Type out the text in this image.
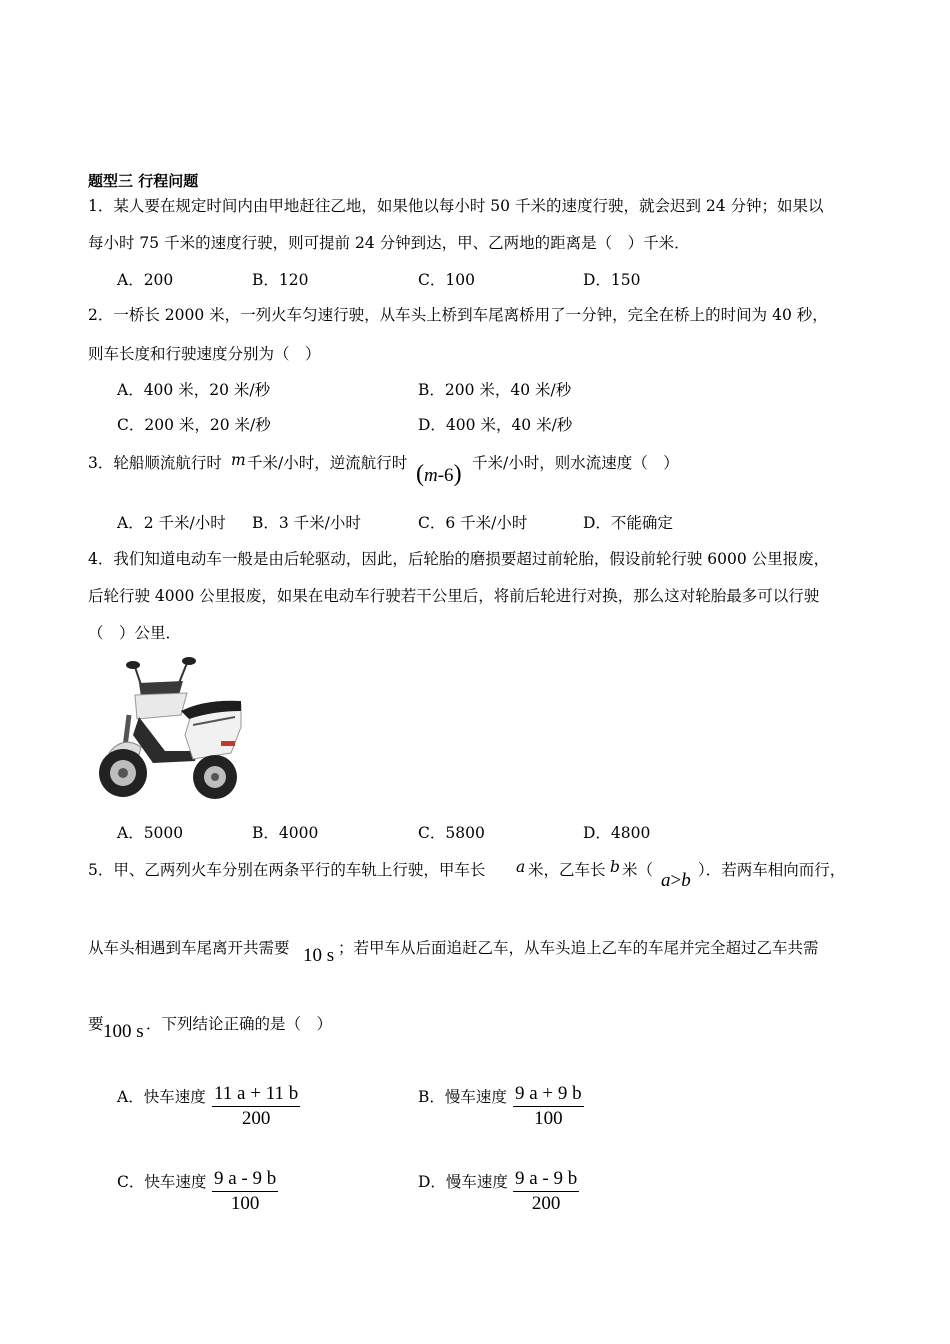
题型三 行程问题
1．某人要在规定时间内由甲地赶往乙地，如果他以每小时 50 千米的速度行驶，就会迟到 24 分钟；如果以
每小时 75 千米的速度行驶，则可提前 24 分钟到达，甲、乙两地的距离是（　）千米．
A．200	B．120	C．100	D．150
2．一桥长 2000 米，一列火车匀速行驶，从车头上桥到车尾离桥用了一分钟，完全在桥上的时间为 40 秒，
则车长度和行驶速度分别为（　）
A．400 米，20 米/秒	B．200 米，40 米/秒
C．200 米，20 米/秒	D．400 米，40 米/秒
3．轮船顺流航行时 m 千米/小时，逆流航行时 (m-6) 千米/小时，则水流速度（　）
A．2 千米/小时 B．3 千米/小时	C．6 千米/小时	D．不能确定
4．我们知道电动车一般是由后轮驱动，因此，后轮胎的磨损要超过前轮胎，假设前轮行驶 6000 公里报废，
后轮行驶 4000 公里报废，如果在电动车行驶若干公里后，将前后轮进行对换，那么这对轮胎最多可以行驶
（　）公里．
A．5000	B．4000	C．5800	D．4800
5．甲、乙两列火车分别在两条平行的车轨上行驶，甲车长 a 米，乙车长 b 米（ a>b ）．若两车相向而行，
从车头相遇到车尾离开共需要 10 s ；若甲车从后面追赶乙车，从车头追上乙车的车尾并完全超过乙车共需
要 100 s ．下列结论正确的是（　）
A．快车速度 $\frac{11 a + 11 b}{200}$	B．慢车速度 $\frac{9 a + 9 b}{100}$
C．快车速度 $\frac{9 a - 9 b}{100}$	D．慢车速度 $\frac{9 a - 9 b}{200}$
